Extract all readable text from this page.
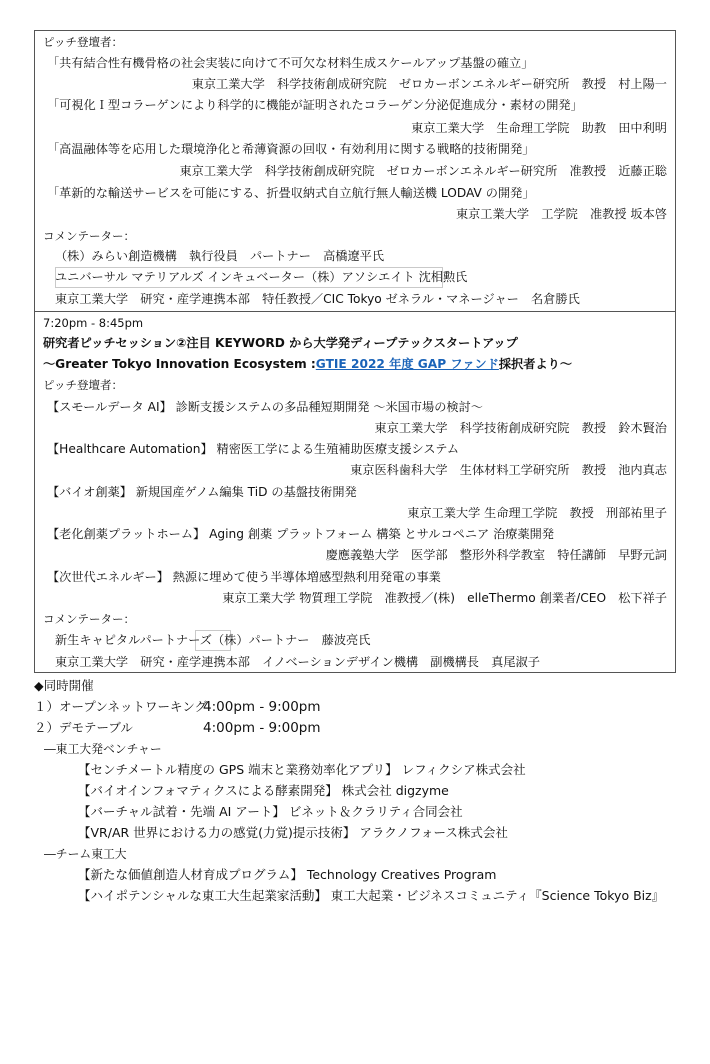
ピッチ登壇者：
「共有結合性有機骨格の社会実装に向けて不可欠な材料生成スケールアップ基盤の確立」
東京工業大学　科学技術創成研究院　ゼロカーボンエネルギー研究所　教授　村上陽一
「可視化Ｉ型コラーゲンにより科学的に機能が証明されたコラーゲン分泌促進成分・素材の開発」
東京工業大学　生命理工学院　助教　田中利明
「高温融体等を応用した環境浄化と希薄資源の回収・有効利用に関する戦略的技術開発」
東京工業大学　科学技術創成研究院　ゼロカーボンエネルギー研究所　准教授　近藤正聡
「革新的な輸送サービスを可能にする、折畳収納式自立航行無人輸送機 LODAV の開発」
東京工業大学　工学院　准教授 坂本啓
コメンテーター：
（株）みらい創造機構　執行役員　パートナー　高橋遼平氏
ユニバーサル マテリアルズ インキュベーター（株）アソシエイト 沈相勲氏
東京工業大学　研究・産学連携本部　特任教授／CIC Tokyo ゼネラル・マネージャー　名倉勝氏
7:20pm - 8:45pm
研究者ピッチセッション②注目 KEYWORD から大学発ディープテックスタートアップ
～Greater Tokyo Innovation Ecosystem :GTIE 2022 年度 GAP ファンド採択者より～
ピッチ登壇者：
【スモールデータ AI】 診断支援システムの多品種短期開発 ～米国市場の検討～
東京工業大学　科学技術創成研究院　教授　鈴木賢治
【Healthcare Automation】 精密医工学による生殖補助医療支援システム
東京医科歯科大学　生体材料工学研究所　教授　池内真志
【バイオ創薬】 新規国産ゲノム編集 TiD の基盤技術開発
東京工業大学 生命理工学院　教授　刑部祐里子
【老化創薬プラットホーム】 Aging 創薬 プラットフォーム 構築 とサルコペニア 治療薬開発
慶應義塾大学　医学部　整形外科学教室　特任講師　早野元詞
【次世代エネルギー】 熱源に埋めて使う半導体増感型熱利用発電の事業
東京工業大学 物質理工学院　准教授／(株)　elleThermo 創業者/CEO　松下祥子
コメンテーター：
新生キャピタルパートナーズ（株）パートナー　藤波亮氏
東京工業大学　研究・産学連携本部　イノベーションデザイン機構　副機構長　真尾淑子
◆同時開催
１）オープンネットワーキング
4:00pm - 9:00pm
２）デモテーブル	4:00pm - 9:00pm
―東工大発ベンチャー
【センチメートル精度の GPS 端末と業務効率化アプリ】 レフィクシア株式会社
【バイオインフォマティクスによる酵素開発】 株式会社 digzyme
【バーチャル試着・先端 AI アート】 ビネット＆クラリティ合同会社
【VR/AR 世界における力の感覚(力覚)提示技術】 アラクノフォース株式会社
―チーム東工大
【新たな価値創造人材育成プログラム】 Technology Creatives Program
【ハイポテンシャルな東工大生起業家活動】 東工大起業・ビジネスコミュニティ『Science Tokyo Biz』
